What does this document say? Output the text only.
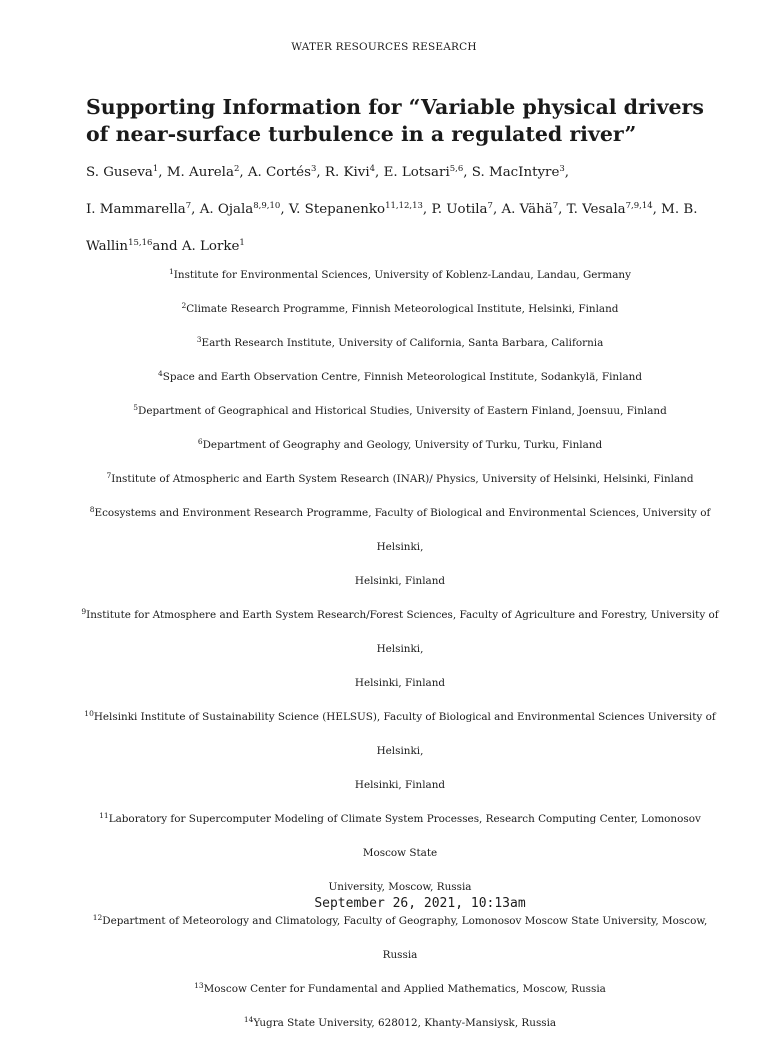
WATER RESOURCES RESEARCH
Supporting Information for “Variable physical drivers
of near-surface turbulence in a regulated river”
S. Guseva$^1$, M. Aurela$^2$, A. Cortés$^3$, R. Kivi$^4$, E. Lotsari$^{5,6}$, S. MacIntyre$^3$,
I. Mammarella$^7$, A. Ojala$^{8,9,10}$, V. Stepanenko$^{11,12,13}$, P. Uotila$^7$, A. Vähä$^7$, T. Vesala$^{7,9,14}$, M. B. Wallin$^{15,16}$and A. Lorke$^1$
$^1$Institute for Environmental Sciences, University of Koblenz-Landau, Landau, Germany
$^2$Climate Research Programme, Finnish Meteorological Institute, Helsinki, Finland
$^3$Earth Research Institute, University of California, Santa Barbara, California
$^4$Space and Earth Observation Centre, Finnish Meteorological Institute, Sodankylä, Finland
$^5$Department of Geographical and Historical Studies, University of Eastern Finland, Joensuu, Finland
$^6$Department of Geography and Geology, University of Turku, Turku, Finland
$^7$Institute of Atmospheric and Earth System Research (INAR)/ Physics, University of Helsinki, Helsinki, Finland
$^8$Ecosystems and Environment Research Programme, Faculty of Biological and Environmental Sciences, University of Helsinki,
Helsinki, Finland
$^9$Institute for Atmosphere and Earth System Research/Forest Sciences, Faculty of Agriculture and Forestry, University of Helsinki,
Helsinki, Finland
$^{10}$Helsinki Institute of Sustainability Science (HELSUS), Faculty of Biological and Environmental Sciences University of Helsinki,
Helsinki, Finland
$^{11}$Laboratory for Supercomputer Modeling of Climate System Processes, Research Computing Center, Lomonosov Moscow State
University, Moscow, Russia
$^{12}$Department of Meteorology and Climatology, Faculty of Geography, Lomonosov Moscow State University, Moscow, Russia
$^{13}$Moscow Center for Fundamental and Applied Mathematics, Moscow, Russia
$^{14}$Yugra State University, 628012, Khanty-Mansiysk, Russia
September 26, 2021, 10:13am
